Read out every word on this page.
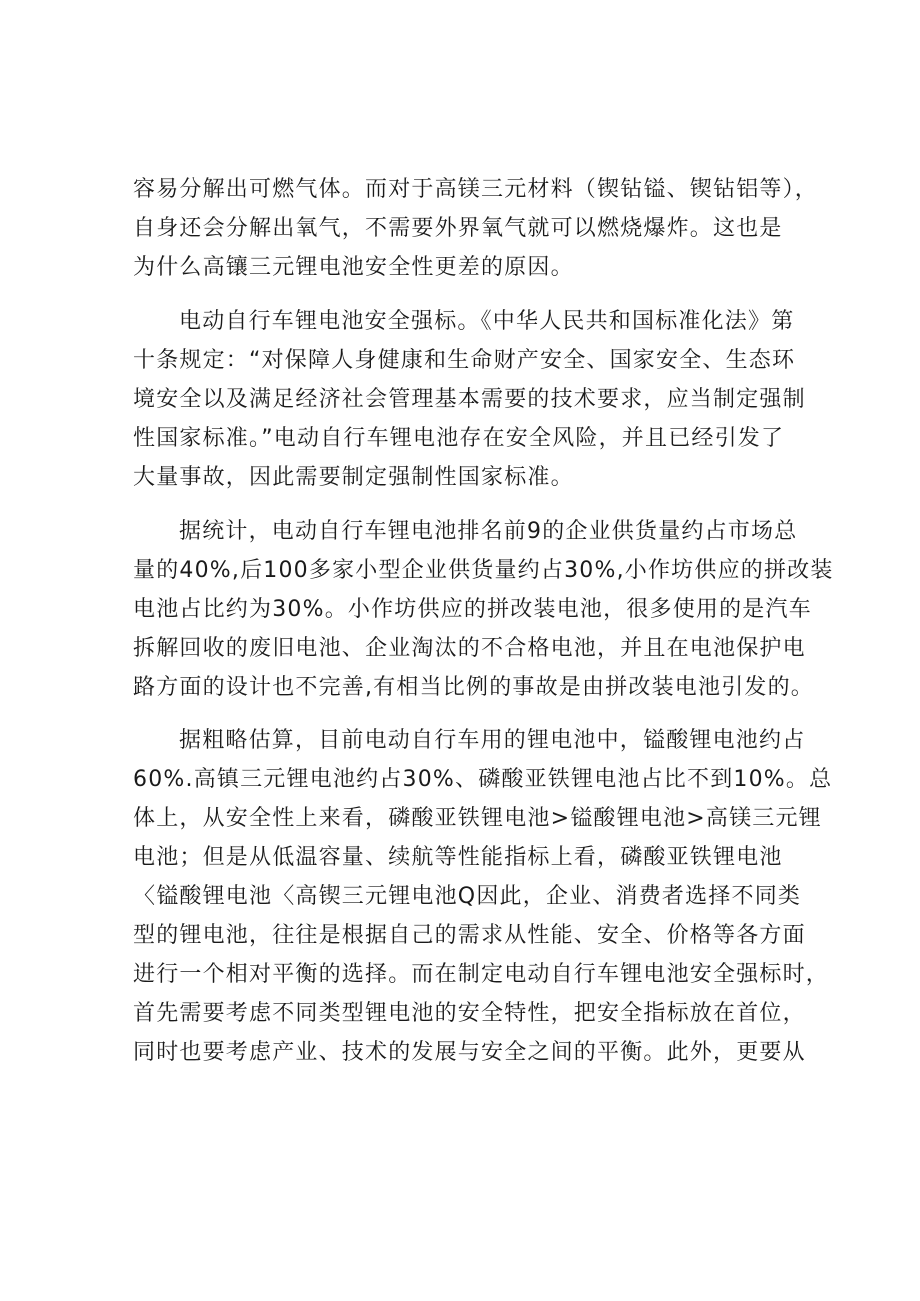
容易分解出可燃气体。而对于高镁三元材料（锲钻镒、锲钻铝等），
自身还会分解出氧气，不需要外界氧气就可以燃烧爆炸。这也是
为什么高镶三元锂电池安全性更差的原因。

电动自行车锂电池安全强标。《中华人民共和国标准化法》第
十条规定：“对保障人身健康和生命财产安全、国家安全、生态环
境安全以及满足经济社会管理基本需要的技术要求，应当制定强制
性国家标准。”电动自行车锂电池存在安全风险，并且已经引发了
大量事故，因此需要制定强制性国家标准。

据统计，电动自行车锂电池排名前9的企业供货量约占市场总
量的40%,后100多家小型企业供货量约占30%,小作坊供应的拼改装
电池占比约为30%。小作坊供应的拼改装电池，很多使用的是汽车
拆解回收的废旧电池、企业淘汰的不合格电池，并且在电池保护电
路方面的设计也不完善,有相当比例的事故是由拼改装电池引发的。

据粗略估算，目前电动自行车用的锂电池中，镒酸锂电池约占
60%.高镇三元锂电池约占30%、磷酸亚铁锂电池占比不到10%。总
体上，从安全性上来看，磷酸亚铁锂电池>镒酸锂电池>高镁三元锂
电池；但是从低温容量、续航等性能指标上看，磷酸亚铁锂电池
〈镒酸锂电池〈高锲三元锂电池Q因此，企业、消费者选择不同类
型的锂电池，往往是根据自己的需求从性能、安全、价格等各方面
进行一个相对平衡的选择。而在制定电动自行车锂电池安全强标时，
首先需要考虑不同类型锂电池的安全特性，把安全指标放在首位，
同时也要考虑产业、技术的发展与安全之间的平衡。此外，更要从
